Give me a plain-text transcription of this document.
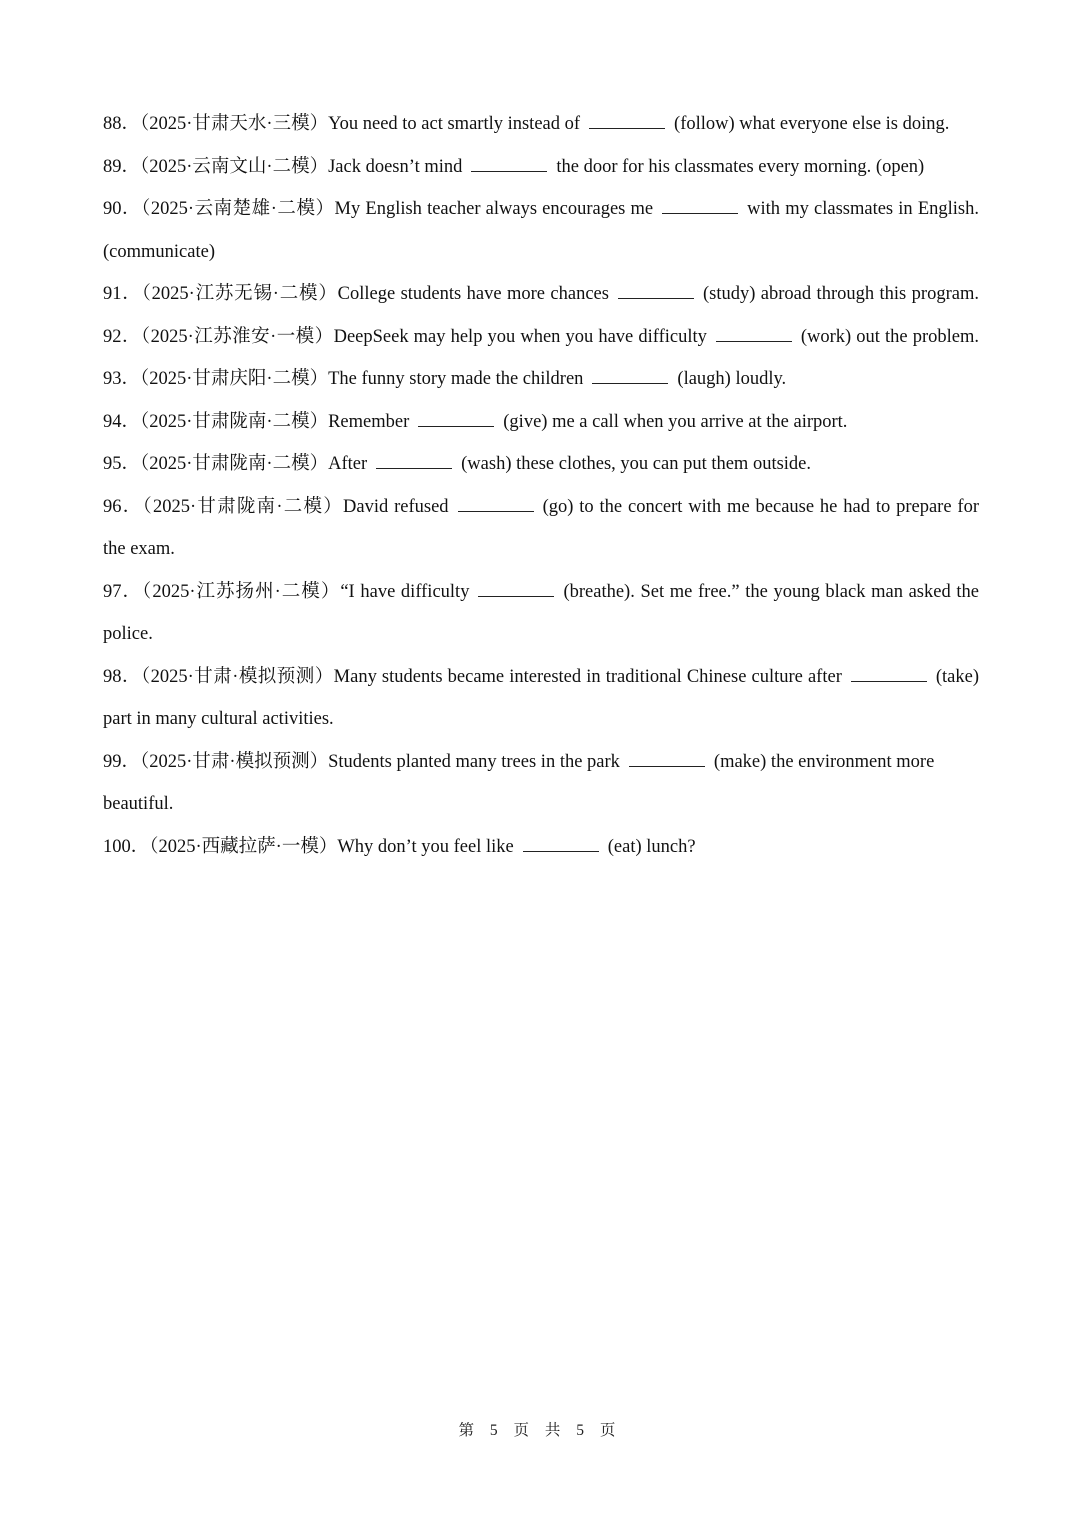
88．（2025·甘肃天水·三模）You need to act smartly instead of	(follow) what everyone else is doing.
89．（2025·云南文山·二模）Jack doesn’t mind	the door for his classmates every morning. (open)
90．（2025·云南楚雄·二模）My English teacher always encourages me	with my classmates in English.
(communicate)
91．（2025·江苏无锡·二模）College students have more chances	(study) abroad through this program.
92．（2025·江苏淮安·一模）DeepSeek may help you when you have difficulty	(work) out the problem.
93．（2025·甘肃庆阳·二模）The funny story made the children	(laugh) loudly.
94．（2025·甘肃陇南·二模）Remember	(give) me a call when you arrive at the airport.
95．（2025·甘肃陇南·二模）After	(wash) these clothes, you can put them outside.
96．（2025·甘肃陇南·二模）David refused	(go) to the concert with me because he had to prepare for
the exam.
97．（2025·江苏扬州·二模）“I have difficulty	(breathe). Set me free.” the young black man asked the
police.
98．（2025·甘肃·模拟预测）Many students became interested in traditional Chinese culture after	(take)
part in many cultural activities.
99．（2025·甘肃·模拟预测）Students planted many trees in the park	(make) the environment more
beautiful.
100．（2025·西藏拉萨·一模）Why don’t you feel like	(eat) lunch?
第 5 页 共 5 页
